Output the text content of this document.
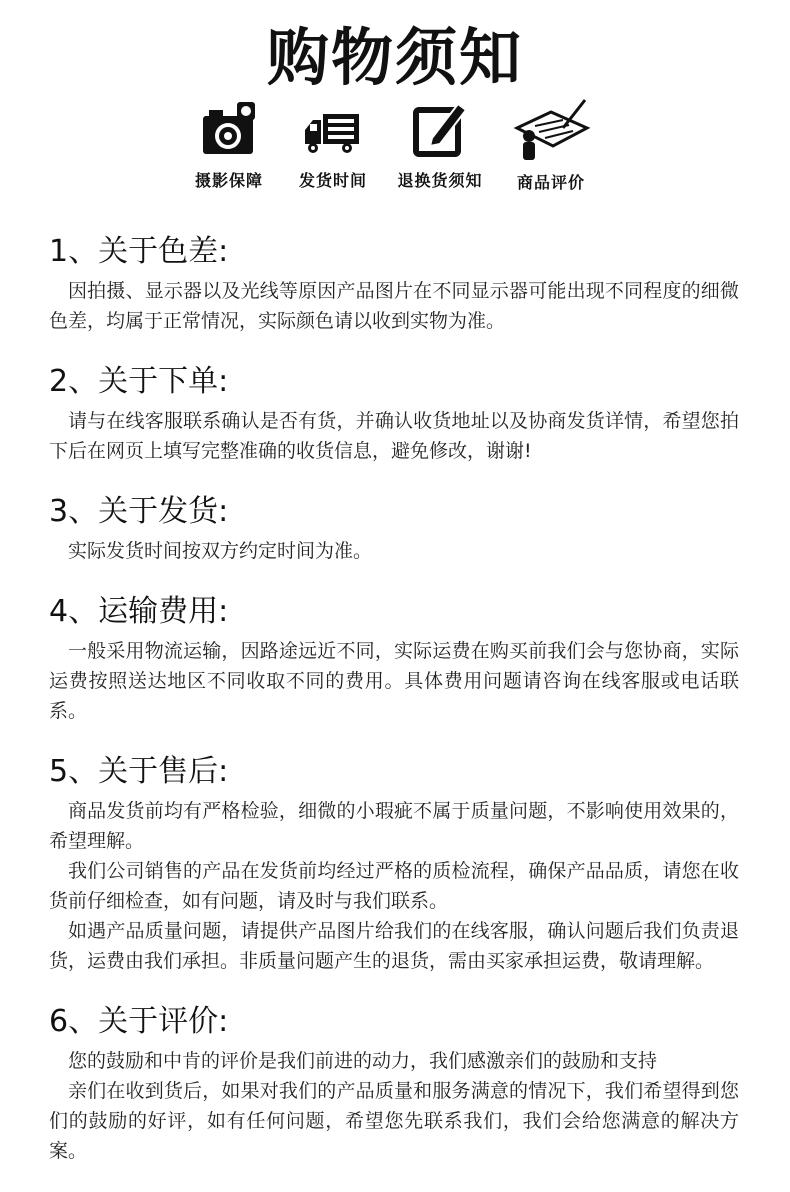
购物须知
摄影保障	发货时间	退换货须知	商品评价
1、关于色差:

因拍摄、显示器以及光线等原因产品图片在不同显示器可能出现不同程度的细微色差，均属于正常情况，实际颜色请以收到实物为准。

2、关于下单:

请与在线客服联系确认是否有货，并确认收货地址以及协商发货详情，希望您拍下后在网页上填写完整准确的收货信息，避免修改，谢谢!

3、关于发货:

实际发货时间按双方约定时间为准。

4、运输费用:

一般采用物流运输，因路途远近不同，实际运费在购买前我们会与您协商，实际运费按照送达地区不同收取不同的费用。具体费用问题请咨询在线客服或电话联系。

5、关于售后:

商品发货前均有严格检验，细微的小瑕疵不属于质量问题，不影响使用效果的，希望理解。

我们公司销售的产品在发货前均经过严格的质检流程，确保产品品质，请您在收货前仔细检查，如有问题，请及时与我们联系。

如遇产品质量问题，请提供产品图片给我们的在线客服，确认问题后我们负责退货，运费由我们承担。非质量问题产生的退货，需由买家承担运费，敬请理解。

6、关于评价:

您的鼓励和中肯的评价是我们前进的动力，我们感激亲们的鼓励和支持

亲们在收到货后，如果对我们的产品质量和服务满意的情况下，我们希望得到您们的鼓励的好评，如有任何问题，希望您先联系我们，我们会给您满意的解决方案。
